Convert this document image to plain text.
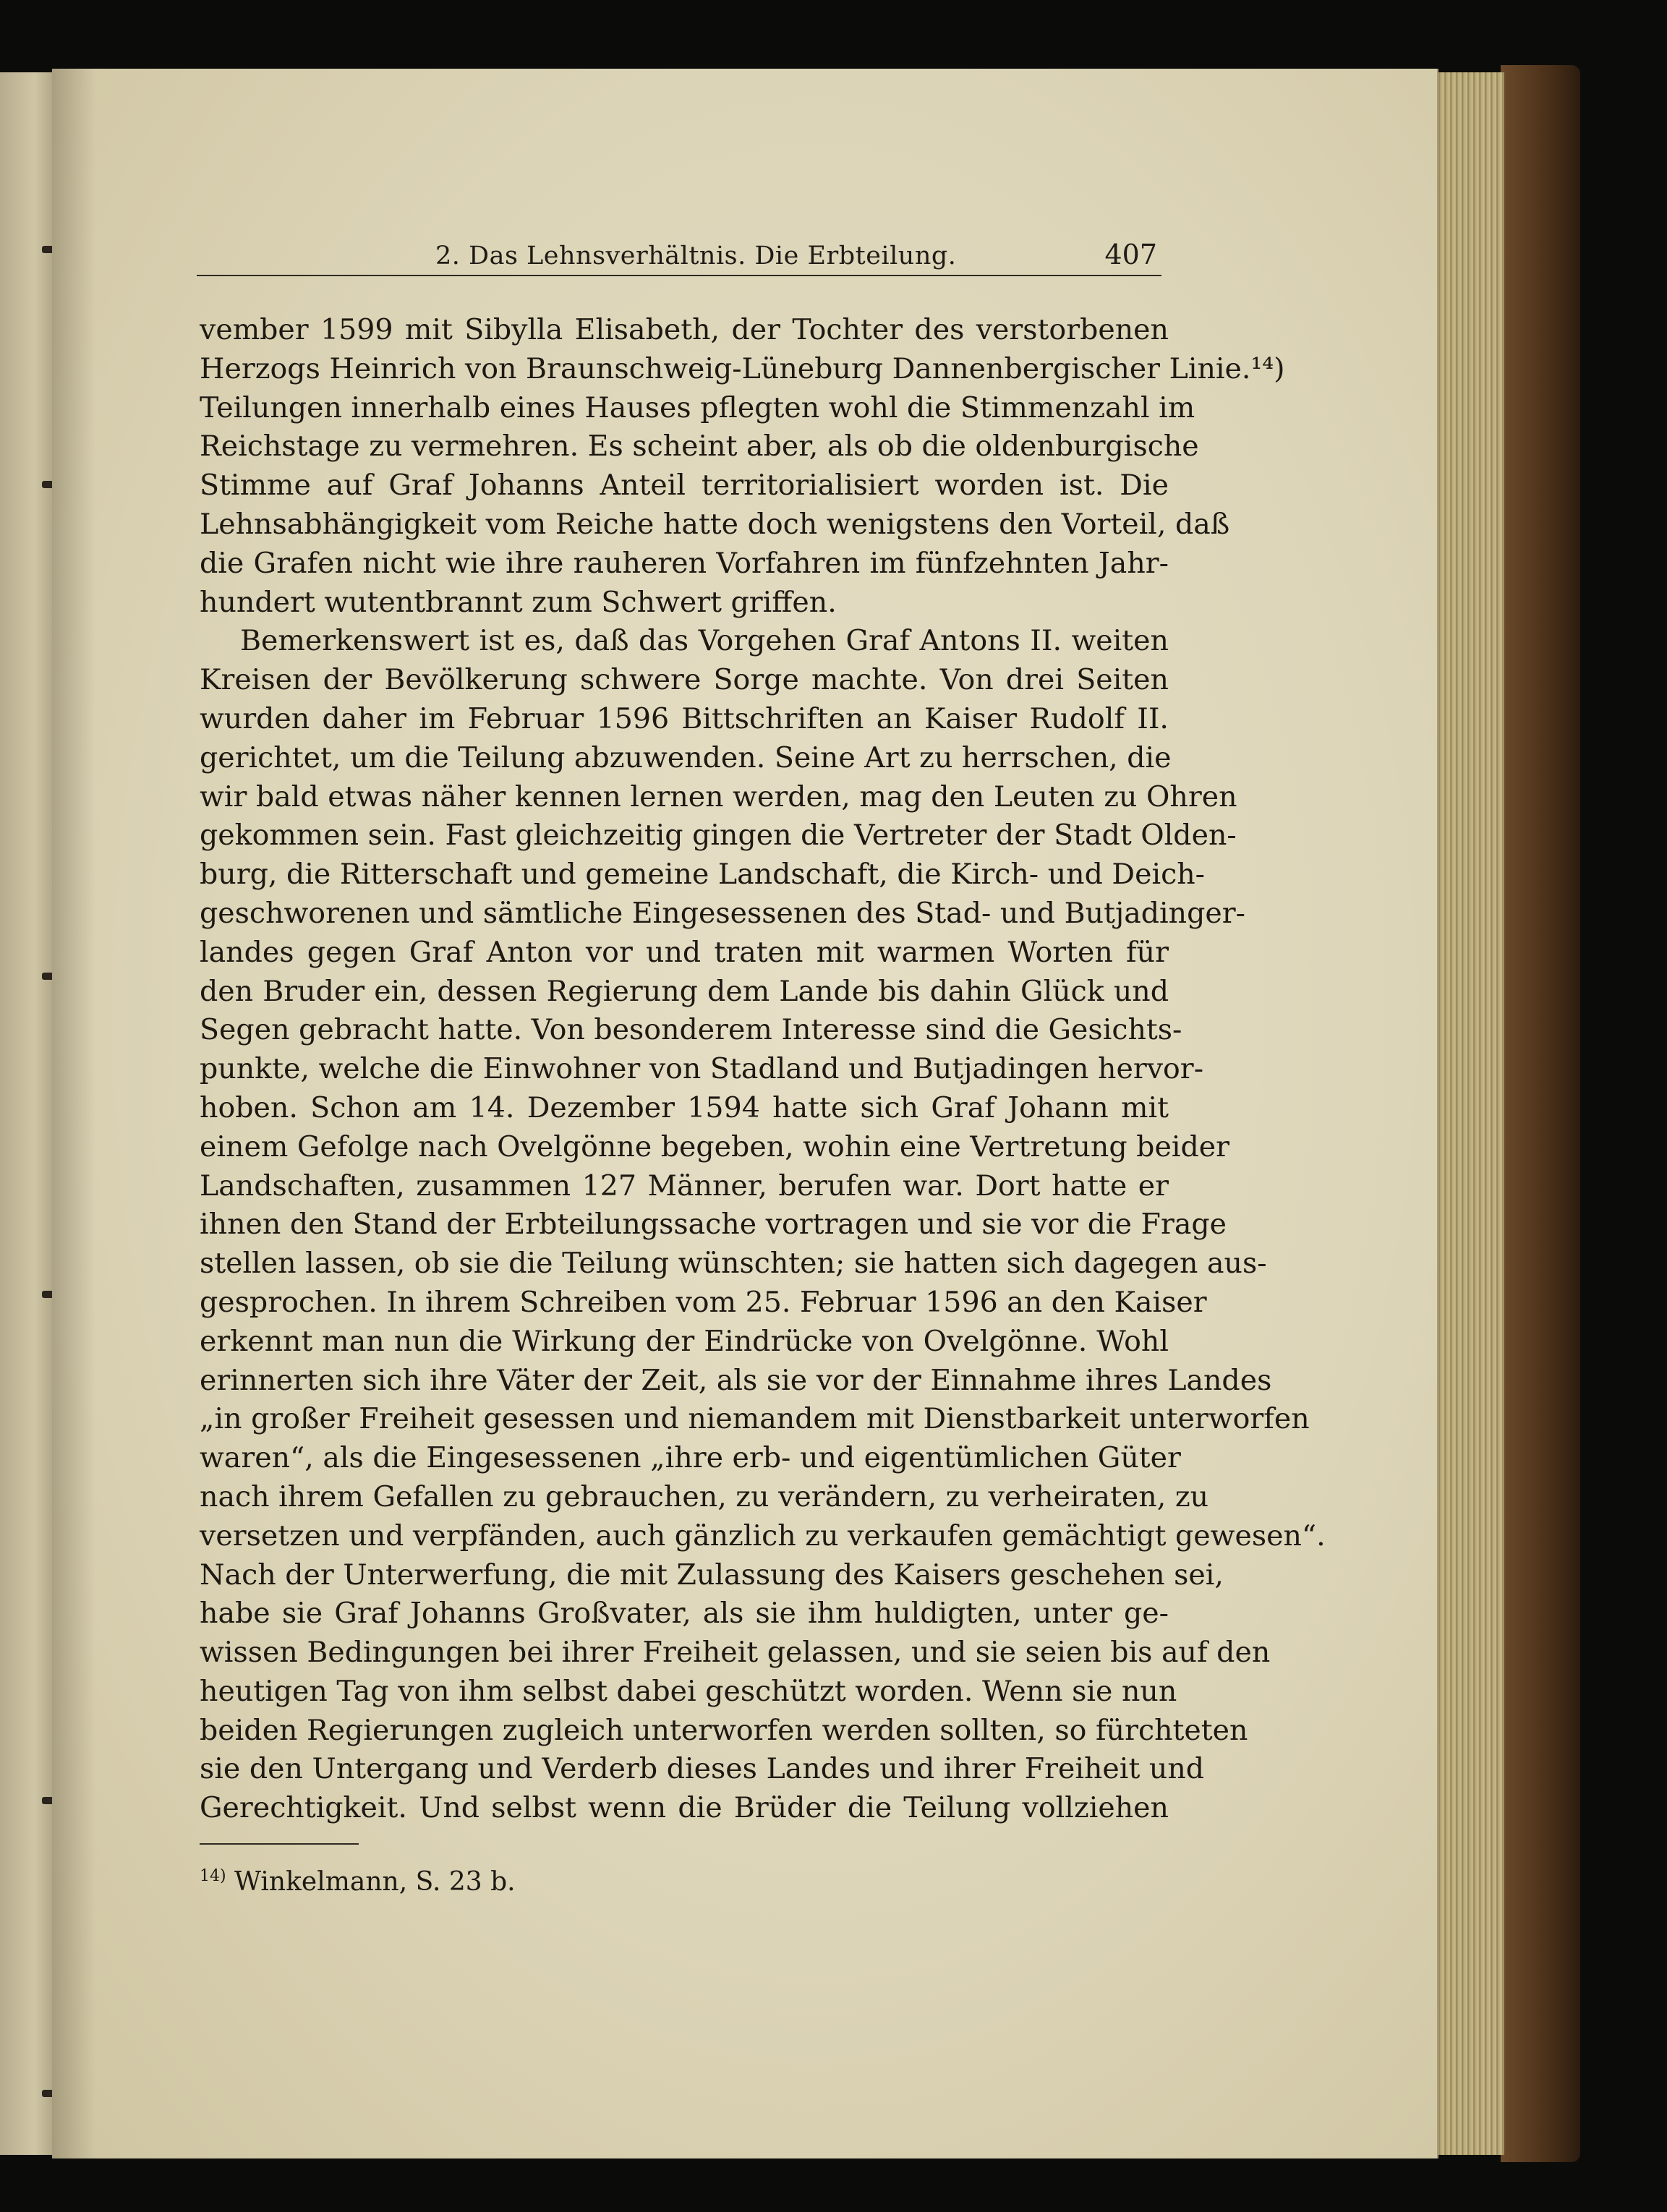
2. Das Lehnsverhältnis. Die Erbteilung.	407
vember 1599 mit Sibylla Elisabeth, der Tochter des verstorbenen
Herzogs Heinrich von Braunschweig-Lüneburg Dannenbergischer Linie.¹⁴)
Teilungen innerhalb eines Hauses pflegten wohl die Stimmenzahl im
Reichstage zu vermehren. Es scheint aber, als ob die oldenburgische
Stimme auf Graf Johanns Anteil territorialisiert worden ist. Die
Lehnsabhängigkeit vom Reiche hatte doch wenigstens den Vorteil, daß
die Grafen nicht wie ihre rauheren Vorfahren im fünfzehnten Jahr-
hundert wutentbrannt zum Schwert griffen.
Bemerkenswert ist es, daß das Vorgehen Graf Antons II. weiten
Kreisen der Bevölkerung schwere Sorge machte. Von drei Seiten
wurden daher im Februar 1596 Bittschriften an Kaiser Rudolf II.
gerichtet, um die Teilung abzuwenden. Seine Art zu herrschen, die
wir bald etwas näher kennen lernen werden, mag den Leuten zu Ohren
gekommen sein. Fast gleichzeitig gingen die Vertreter der Stadt Olden-
burg, die Ritterschaft und gemeine Landschaft, die Kirch- und Deich-
geschworenen und sämtliche Eingesessenen des Stad- und Butjadinger-
landes gegen Graf Anton vor und traten mit warmen Worten für
den Bruder ein, dessen Regierung dem Lande bis dahin Glück und
Segen gebracht hatte. Von besonderem Interesse sind die Gesichts-
punkte, welche die Einwohner von Stadland und Butjadingen hervor-
hoben. Schon am 14. Dezember 1594 hatte sich Graf Johann mit
einem Gefolge nach Ovelgönne begeben, wohin eine Vertretung beider
Landschaften, zusammen 127 Männer, berufen war. Dort hatte er
ihnen den Stand der Erbteilungssache vortragen und sie vor die Frage
stellen lassen, ob sie die Teilung wünschten; sie hatten sich dagegen aus-
gesprochen. In ihrem Schreiben vom 25. Februar 1596 an den Kaiser
erkennt man nun die Wirkung der Eindrücke von Ovelgönne. Wohl
erinnerten sich ihre Väter der Zeit, als sie vor der Einnahme ihres Landes
„in großer Freiheit gesessen und niemandem mit Dienstbarkeit unterworfen
waren“, als die Eingesessenen „ihre erb- und eigentümlichen Güter
nach ihrem Gefallen zu gebrauchen, zu verändern, zu verheiraten, zu
versetzen und verpfänden, auch gänzlich zu verkaufen gemächtigt gewesen“.
Nach der Unterwerfung, die mit Zulassung des Kaisers geschehen sei,
habe sie Graf Johanns Großvater, als sie ihm huldigten, unter ge-
wissen Bedingungen bei ihrer Freiheit gelassen, und sie seien bis auf den
heutigen Tag von ihm selbst dabei geschützt worden. Wenn sie nun
beiden Regierungen zugleich unterworfen werden sollten, so fürchteten
sie den Untergang und Verderb dieses Landes und ihrer Freiheit und
Gerechtigkeit. Und selbst wenn die Brüder die Teilung vollziehen
$^{14)}$ Winkelmann, S. 23 b.
